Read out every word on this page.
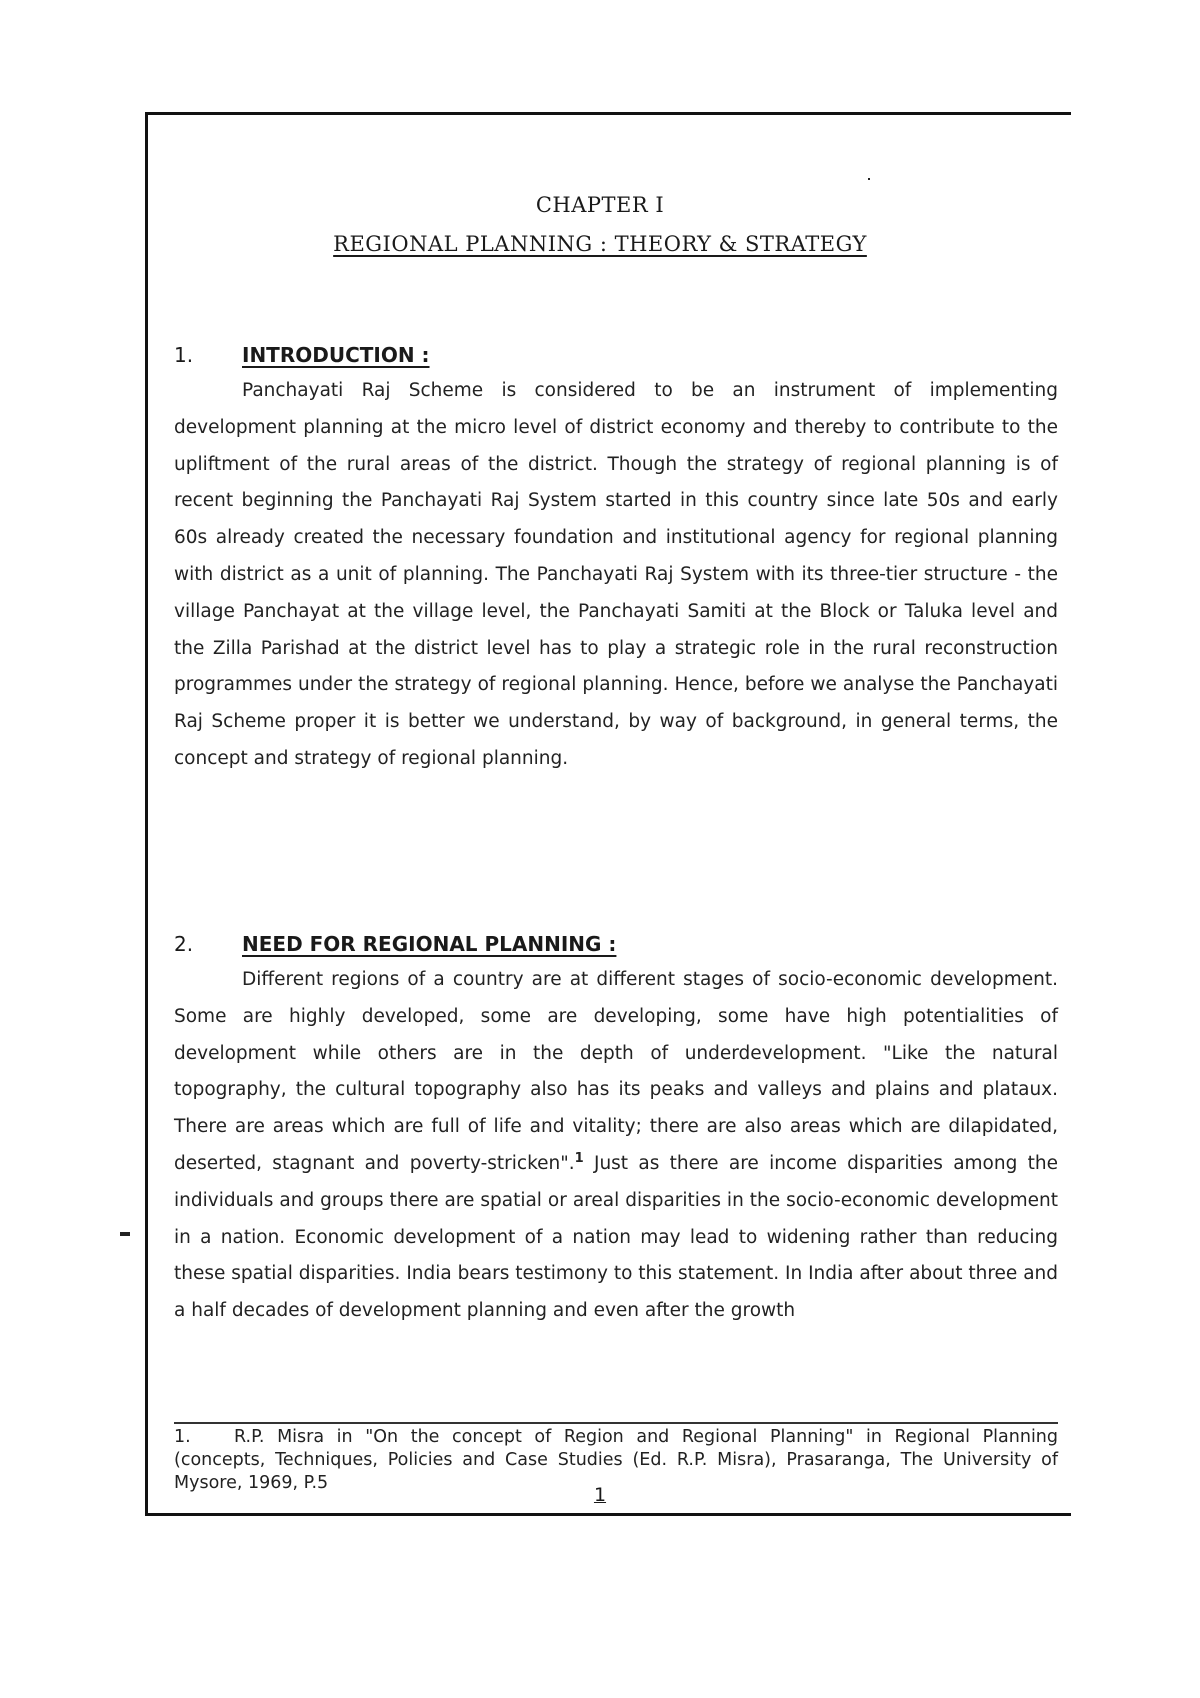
CHAPTER I
REGIONAL PLANNING : THEORY & STRATEGY
1.	INTRODUCTION :

Panchayati Raj Scheme is considered to be an instrument of implementing development planning at the micro level of district economy and thereby to contribute to the upliftment of the rural areas of the district. Though the strategy of regional planning is of recent beginning the Panchayati Raj System started in this country since late 50s and early 60s already created the necessary foundation and institutional agency for regional planning with district as a unit of planning. The Panchayati Raj System with its three-tier structure - the village Panchayat at the village level, the Panchayati Samiti at the Block or Taluka level and the Zilla Parishad at the district level has to play a strategic role in the rural reconstruction programmes under the strategy of regional planning. Hence, before we analyse the Panchayati Raj Scheme proper it is better we understand, by way of background, in general terms, the concept and strategy of regional planning.

2.	NEED FOR REGIONAL PLANNING :

Different regions of a country are at different stages of socio-economic development. Some are highly developed, some are developing, some have high potentialities of development while others are in the depth of underdevelopment. "Like the natural topography, the cultural topography also has its peaks and valleys and plains and plataux. There are areas which are full of life and vitality; there are also areas which are dilapidated, deserted, stagnant and poverty-stricken".$^1$ Just as there are income disparities among the individuals and groups there are spatial or areal disparities in the socio-economic development in a nation. Economic development of a nation may lead to widening rather than reducing these spatial disparities. India bears testimony to this statement. In India after about three and a half decades of development planning and even after the growth

1. R.P. Misra in "On the concept of Region and Regional Planning" in Regional Planning (concepts, Techniques, Policies and Case Studies (Ed. R.P. Misra), Prasaranga, The University of Mysore, 1969, P.5

1
